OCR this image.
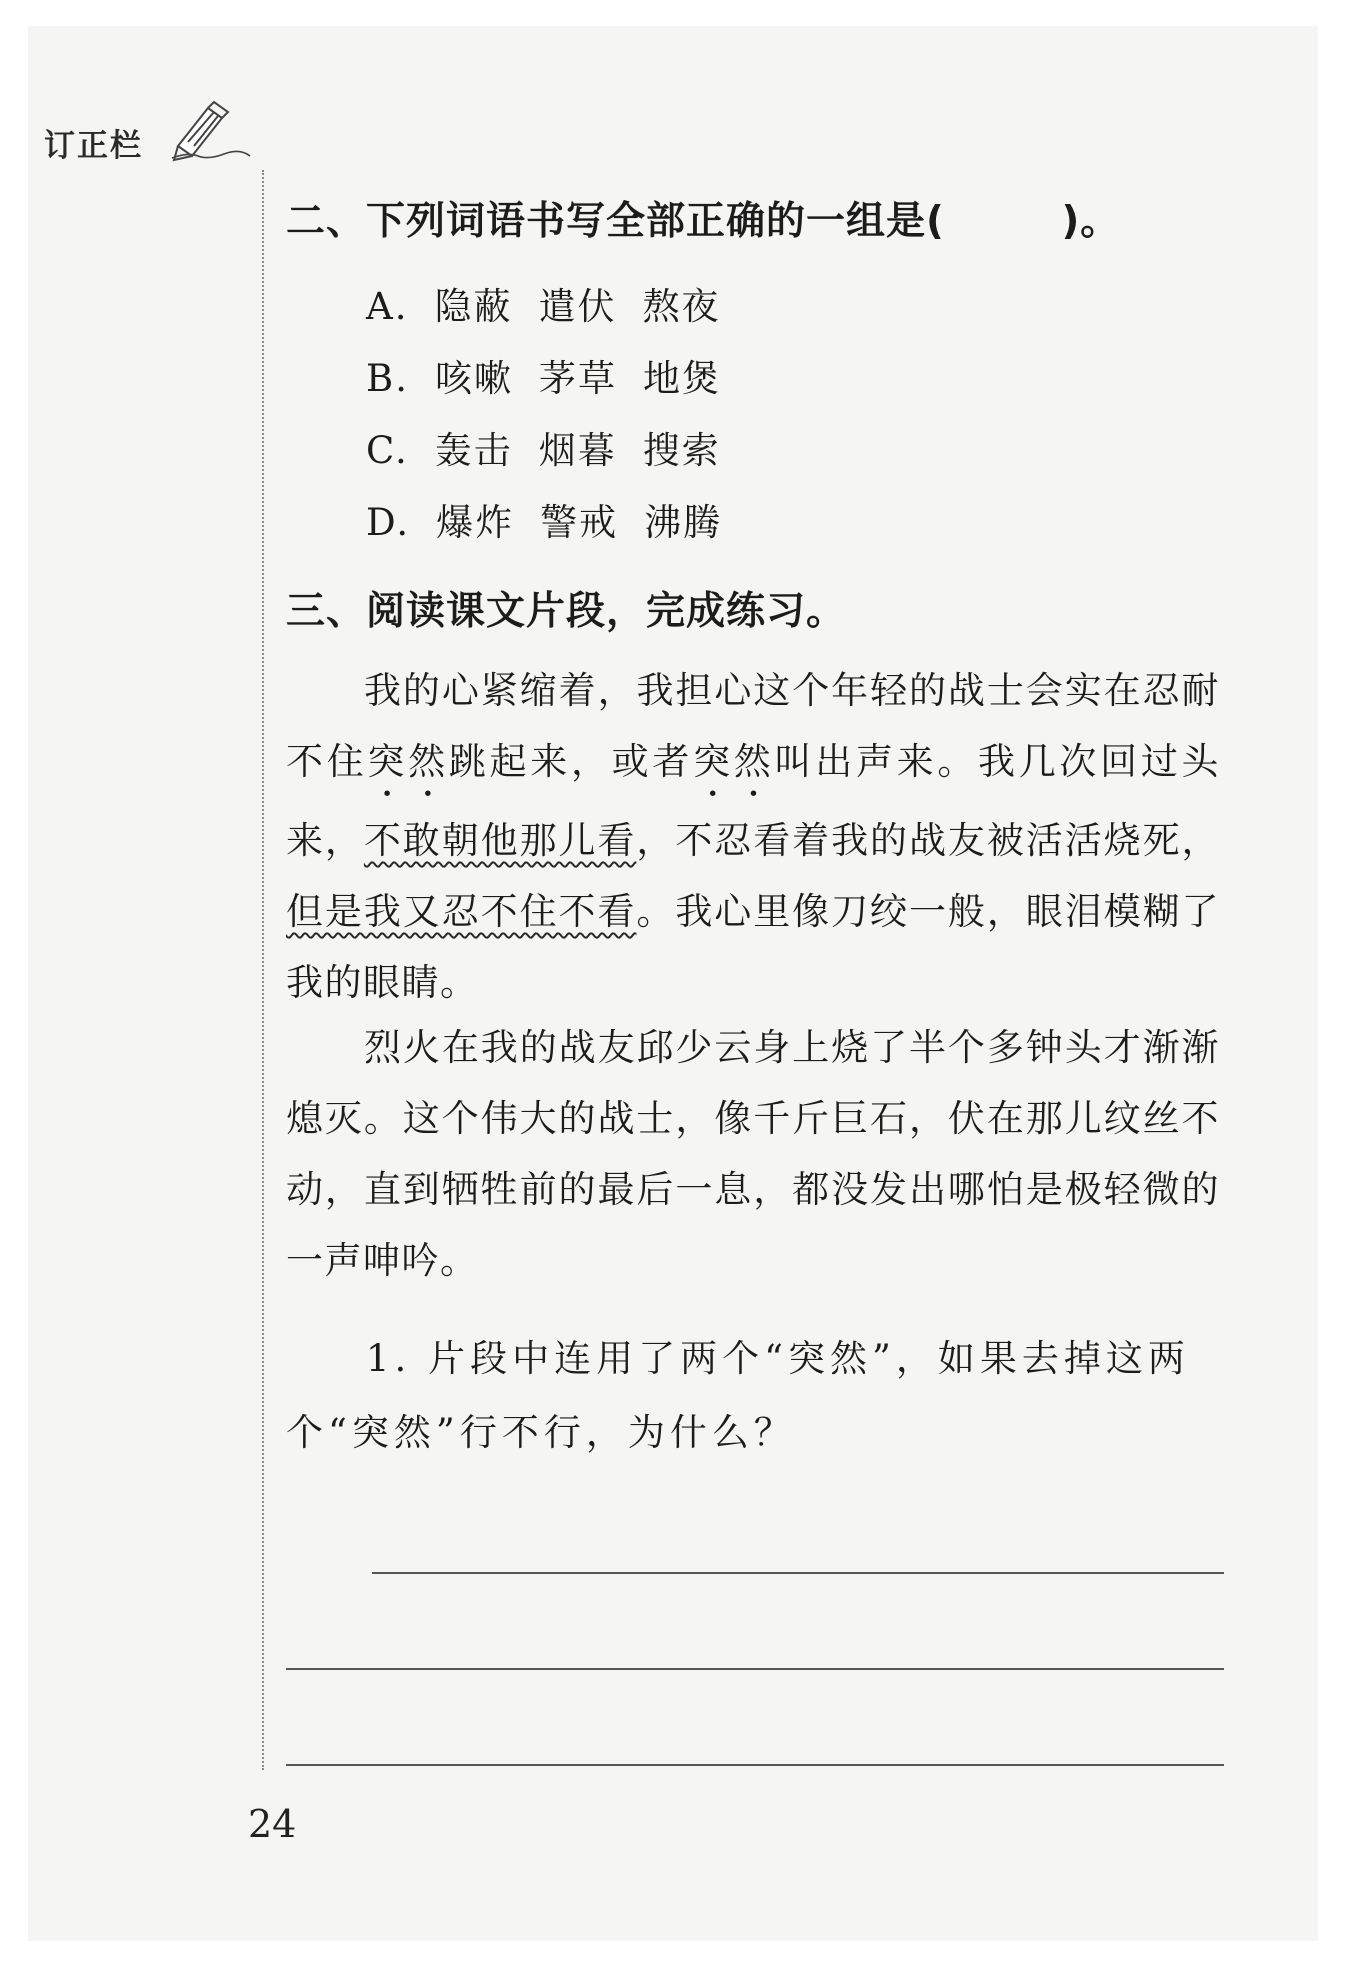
订正栏
二、下列词语书写全部正确的一组是(        )。
A. 隐蔽 遣伏 熬夜
B. 咳嗽 茅草 地煲
C. 轰击 烟暮 搜索
D. 爆炸 警戒 沸腾
三、阅读课文片段，完成练习。
我的心紧缩着，我担心这个年轻的战士会实在忍耐不住突然跳起来，或者突然叫出声来。我几次回过头来，不敢朝他那儿看，不忍看着我的战友被活活烧死，但是我又忍不住不看。我心里像刀绞一般，眼泪模糊了我的眼睛。
烈火在我的战友邱少云身上烧了半个多钟头才渐渐熄灭。这个伟大的战士，像千斤巨石，伏在那儿纹丝不动，直到牺牲前的最后一息，都没发出哪怕是极轻微的一声呻吟。
1. 片段中连用了两个“突然”，如果去掉这两个“突然”行不行，为什么？
24
